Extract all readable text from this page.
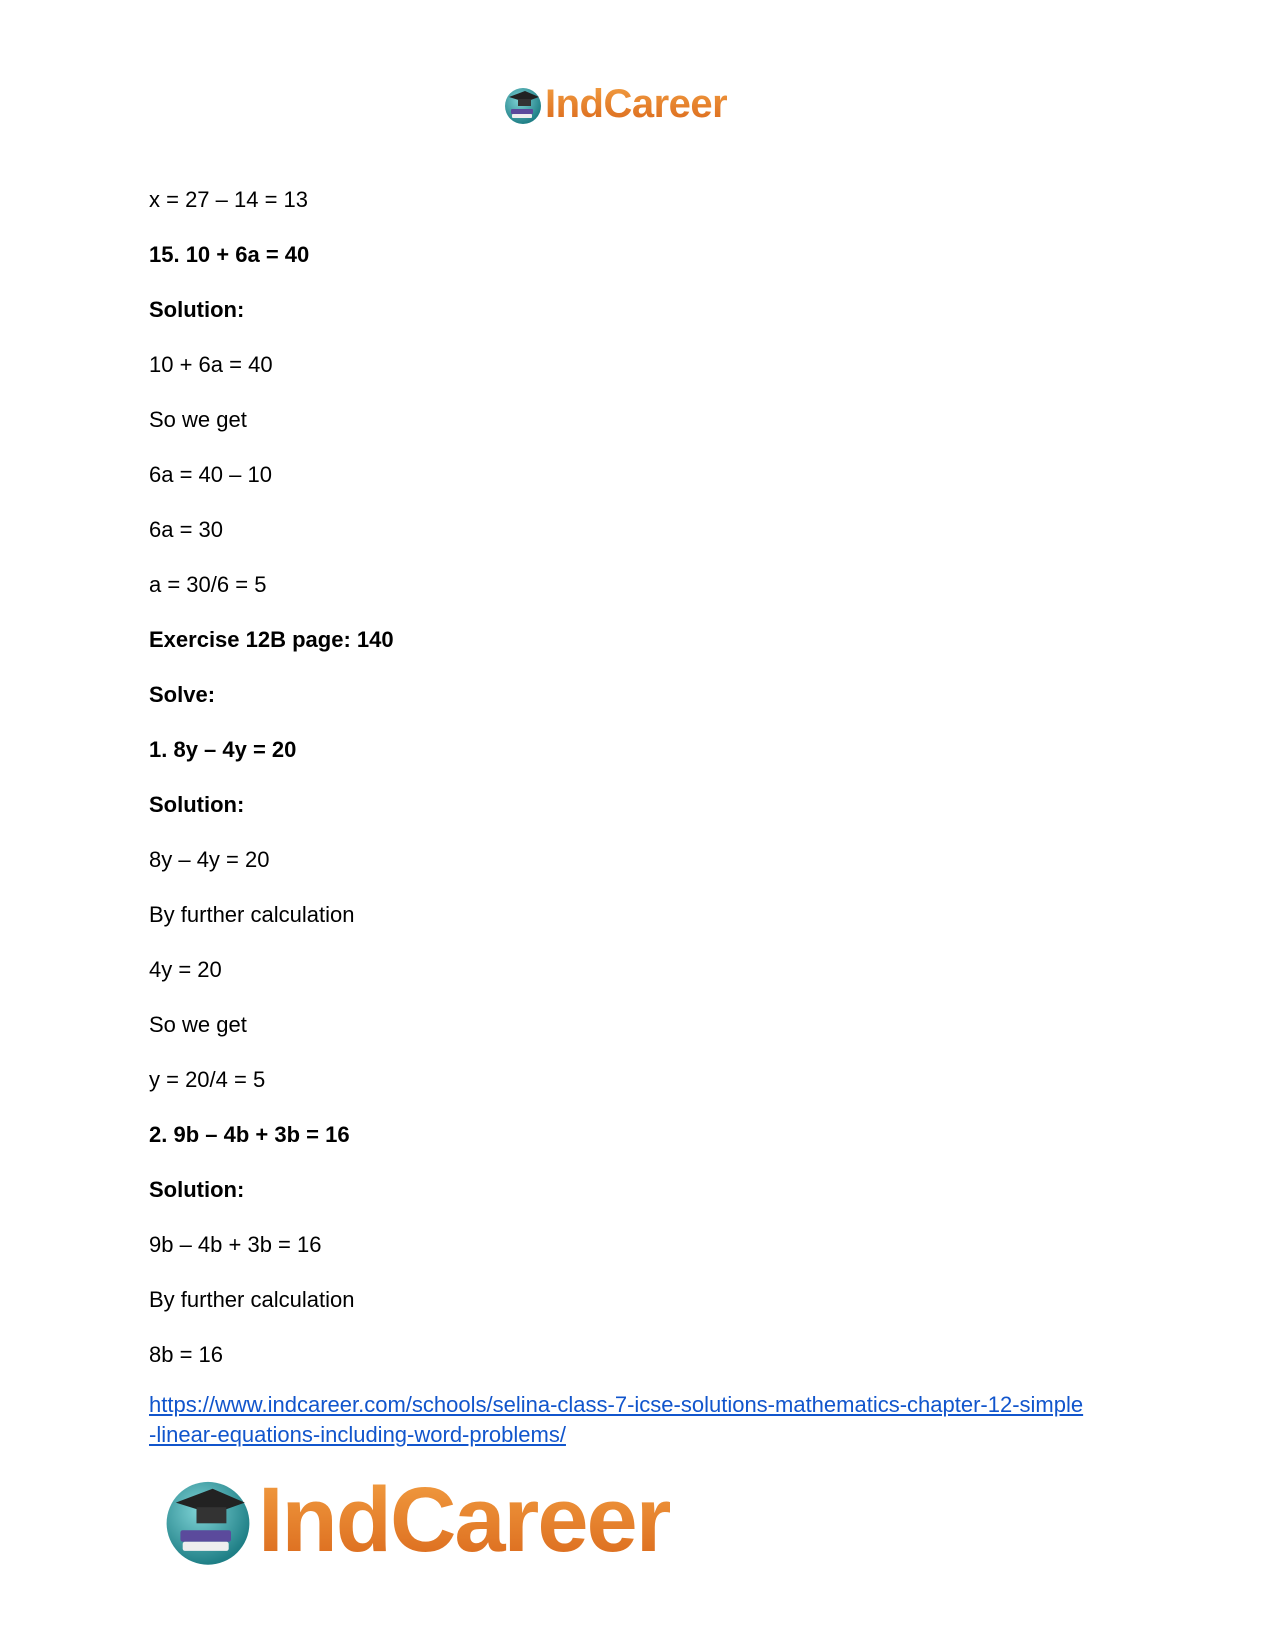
IndCareer

x = 27 – 14 = 13

15. 10 + 6a = 40

Solution:

10 + 6a = 40

So we get

6a = 40 – 10

6a = 30

a = 30/6 = 5

Exercise 12B page: 140

Solve:

1. 8y – 4y = 20

Solution:

8y – 4y = 20

By further calculation

4y = 20

So we get

y = 20/4 = 5

2. 9b – 4b + 3b = 16

Solution:

9b – 4b + 3b = 16

By further calculation

8b = 16

https://www.indcareer.com/schools/selina-class-7-icse-solutions-mathematics-chapter-12-simple
-linear-equations-including-word-problems/
IndCareer
